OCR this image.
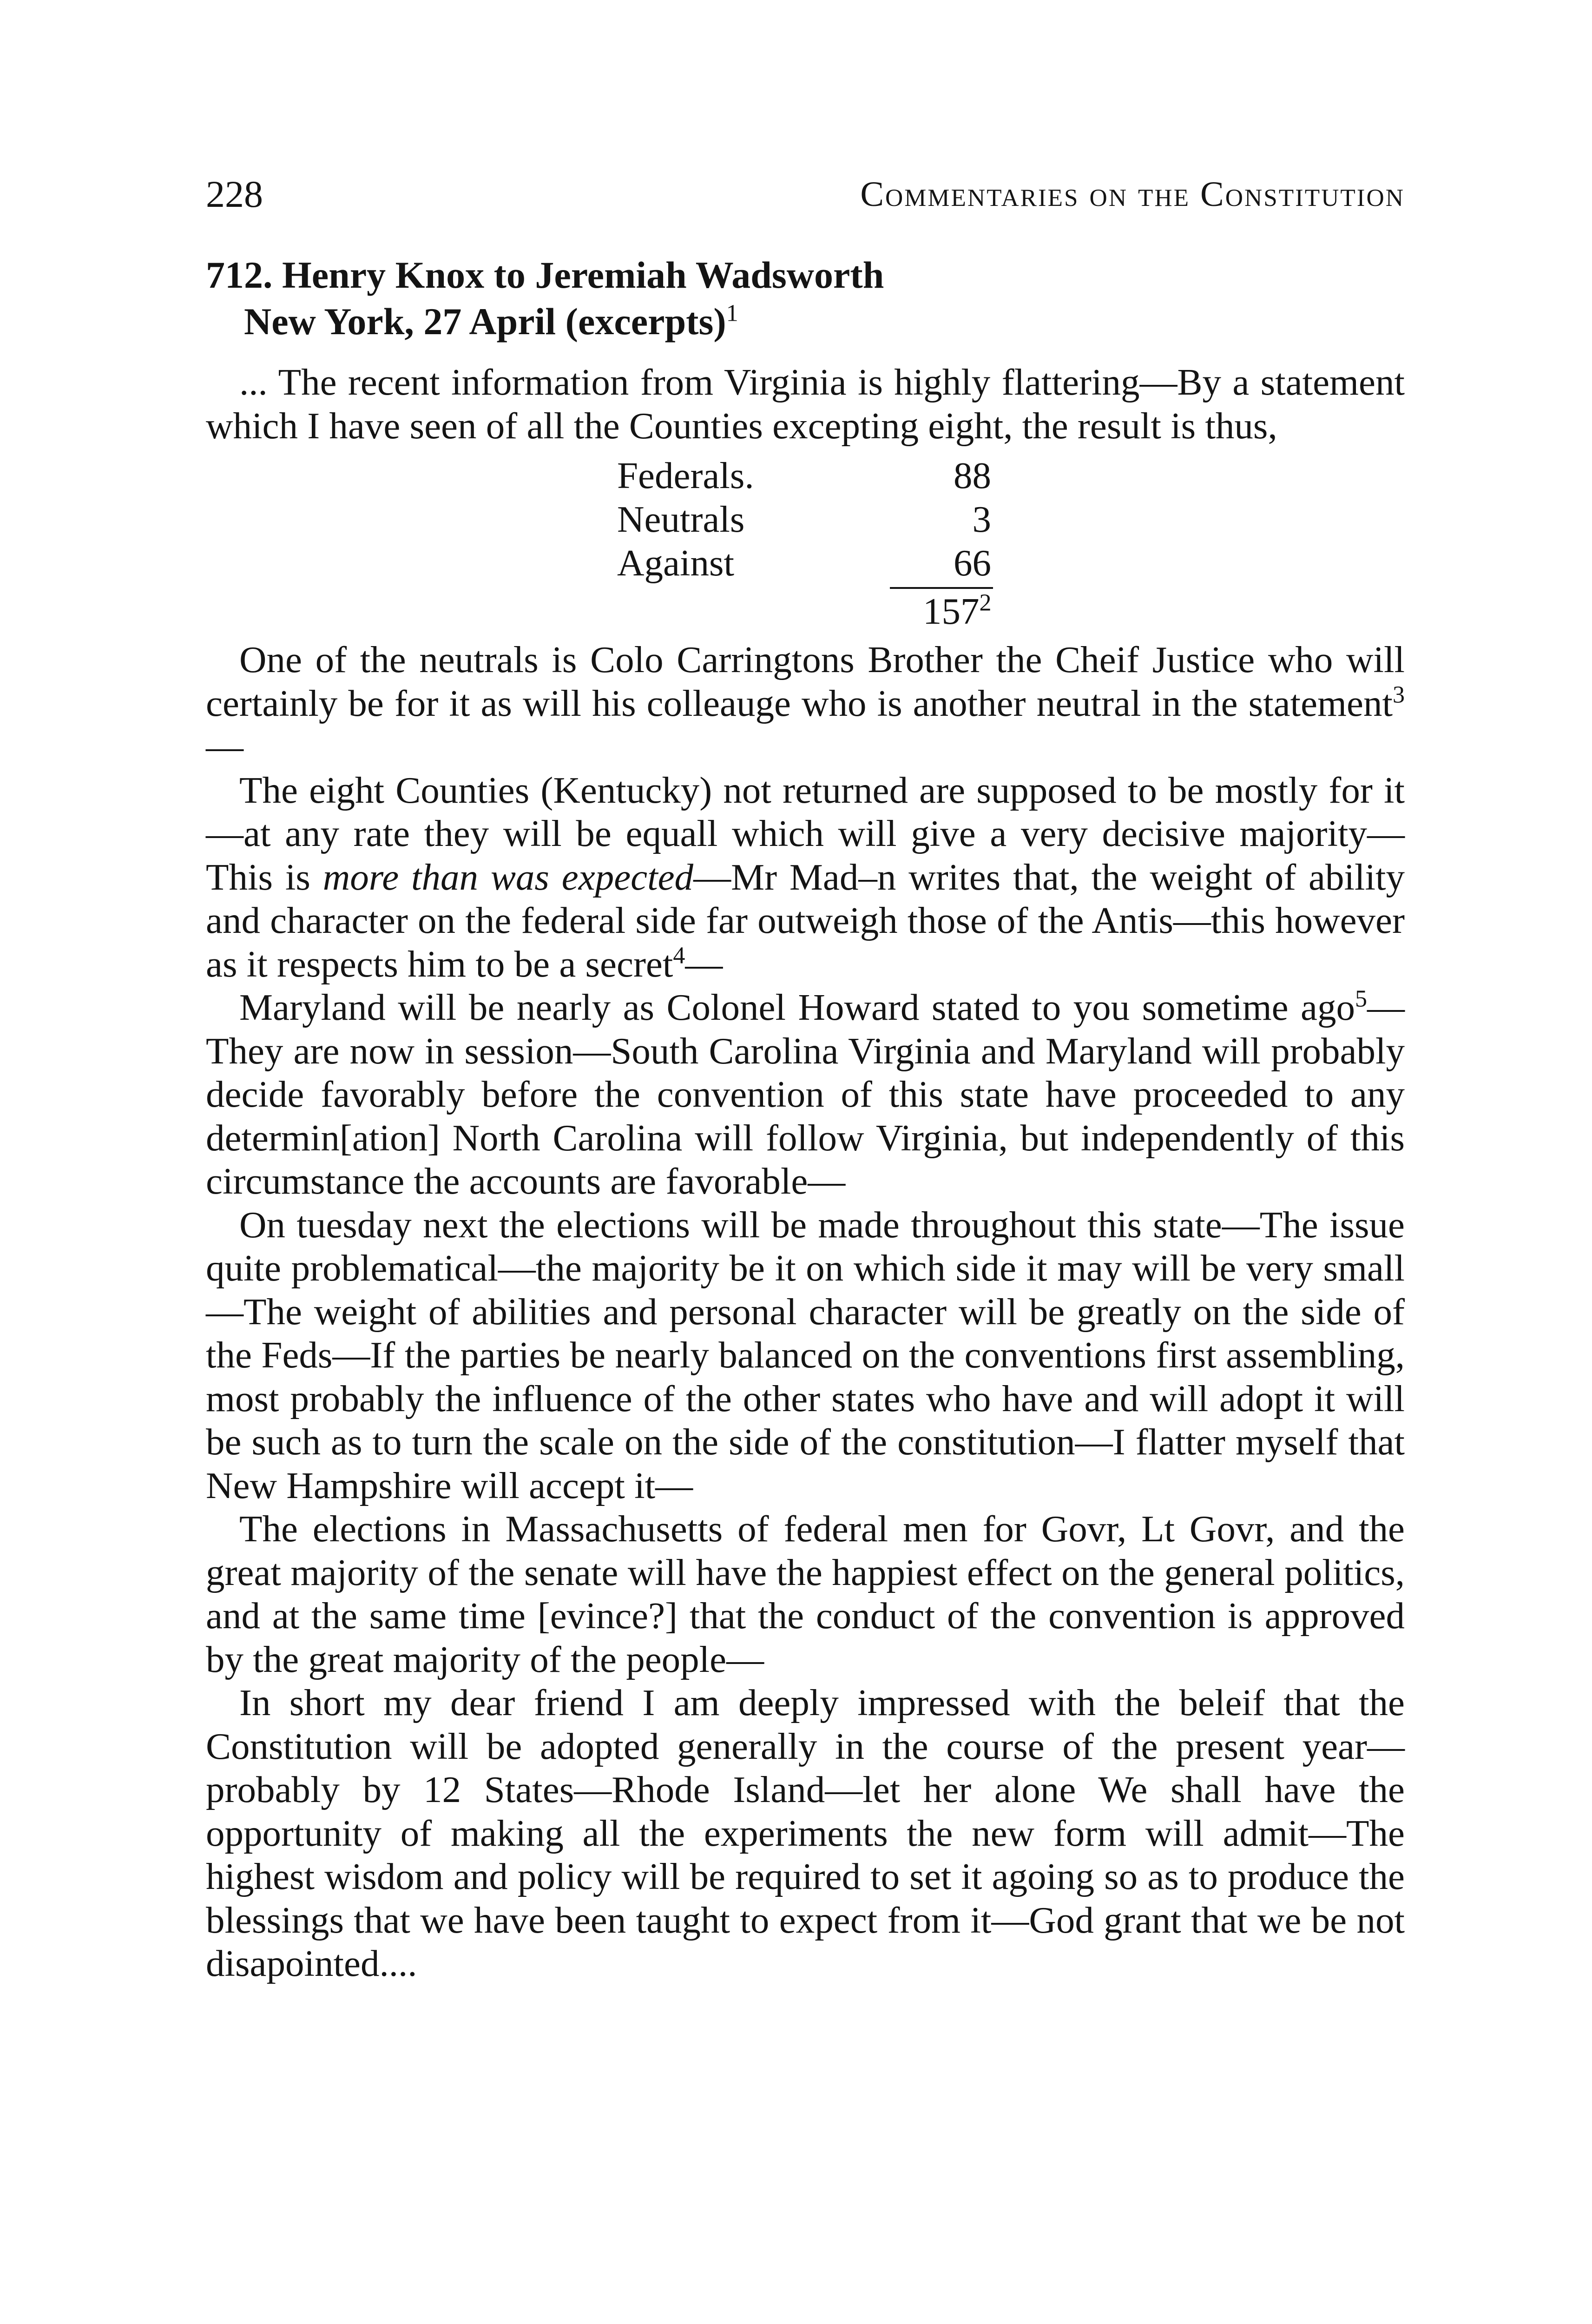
228	Commentaries on the Constitution
712. Henry Knox to Jeremiah Wadsworth
New York, 27 April (excerpts)$^1$

... The recent information from Virginia is highly flattering—By a statement which I have seen of all the Counties excepting eight, the result is thus,

Federals.	88
Neutrals	3
Against	66
$157^2$

One of the neutrals is Colo Carringtons Brother the Cheif Justice who will certainly be for it as will his colleauge who is another neutral in the statement$^3$—

The eight Counties (Kentucky) not returned are supposed to be mostly for it—at any rate they will be equall which will give a very decisive majority—This is more than was expected—Mr Mad–n writes that, the weight of ability and character on the federal side far outweigh those of the Antis—this however as it respects him to be a secret$^4$—

Maryland will be nearly as Colonel Howard stated to you sometime ago$^5$—They are now in session—South Carolina Virginia and Maryland will probably decide favorably before the convention of this state have proceeded to any determin[ation] North Carolina will follow Virginia, but independently of this circumstance the accounts are favorable—

On tuesday next the elections will be made throughout this state—The issue quite problematical—the majority be it on which side it may will be very small—The weight of abilities and personal character will be greatly on the side of the Feds—If the parties be nearly balanced on the conventions first assembling, most probably the influence of the other states who have and will adopt it will be such as to turn the scale on the side of the constitution—I flatter myself that New Hampshire will accept it—

The elections in Massachusetts of federal men for Govr, Lt Govr, and the great majority of the senate will have the happiest effect on the general politics, and at the same time [evince?] that the conduct of the convention is approved by the great majority of the people—

In short my dear friend I am deeply impressed with the beleif that the Constitution will be adopted generally in the course of the present year—probably by 12 States—Rhode Island—let her alone We shall have the opportunity of making all the experiments the new form will admit—The highest wisdom and policy will be required to set it agoing so as to produce the blessings that we have been taught to expect from it—God grant that we be not disapointed....
